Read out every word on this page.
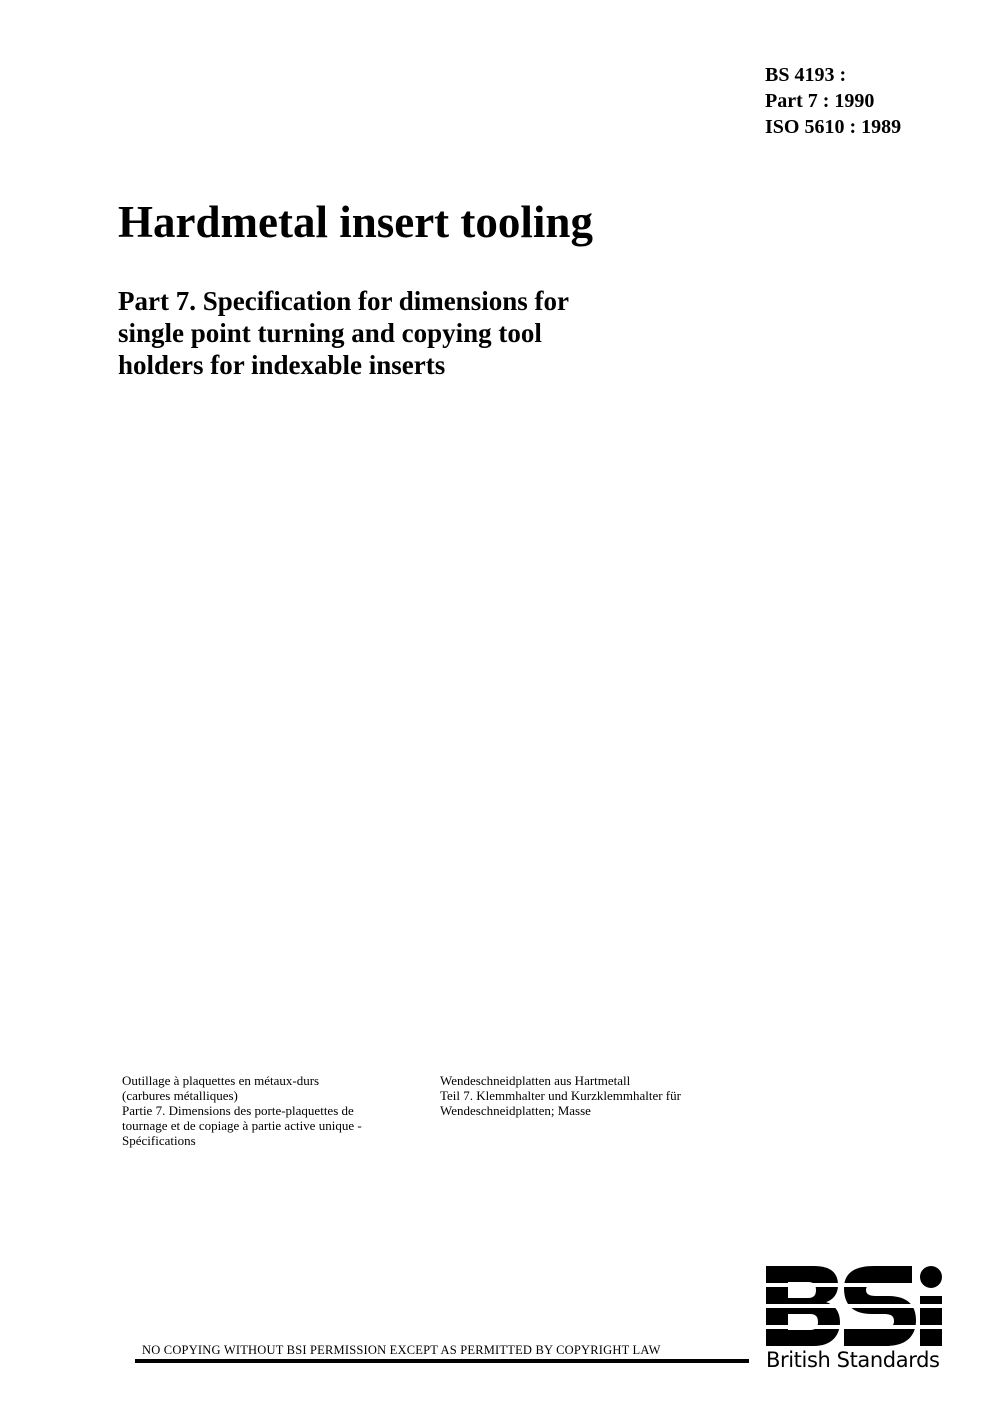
BS 4193 :
Part 7 : 1990
ISO 5610 : 1989
Hardmetal insert tooling
Part 7. Specification for dimensions for
single point turning and copying tool
holders for indexable inserts
Outillage à plaquettes en métaux-durs
(carbures métalliques)
Partie 7. Dimensions des porte-plaquettes de
tournage et de copiage à partie active unique -
Spécifications
Wendeschneidplatten aus Hartmetall
Teil 7. Klemmhalter und Kurzklemmhalter für
Wendeschneidplatten; Masse
NO COPYING WITHOUT BSI PERMISSION EXCEPT AS PERMITTED BY COPYRIGHT LAW	British Standards
